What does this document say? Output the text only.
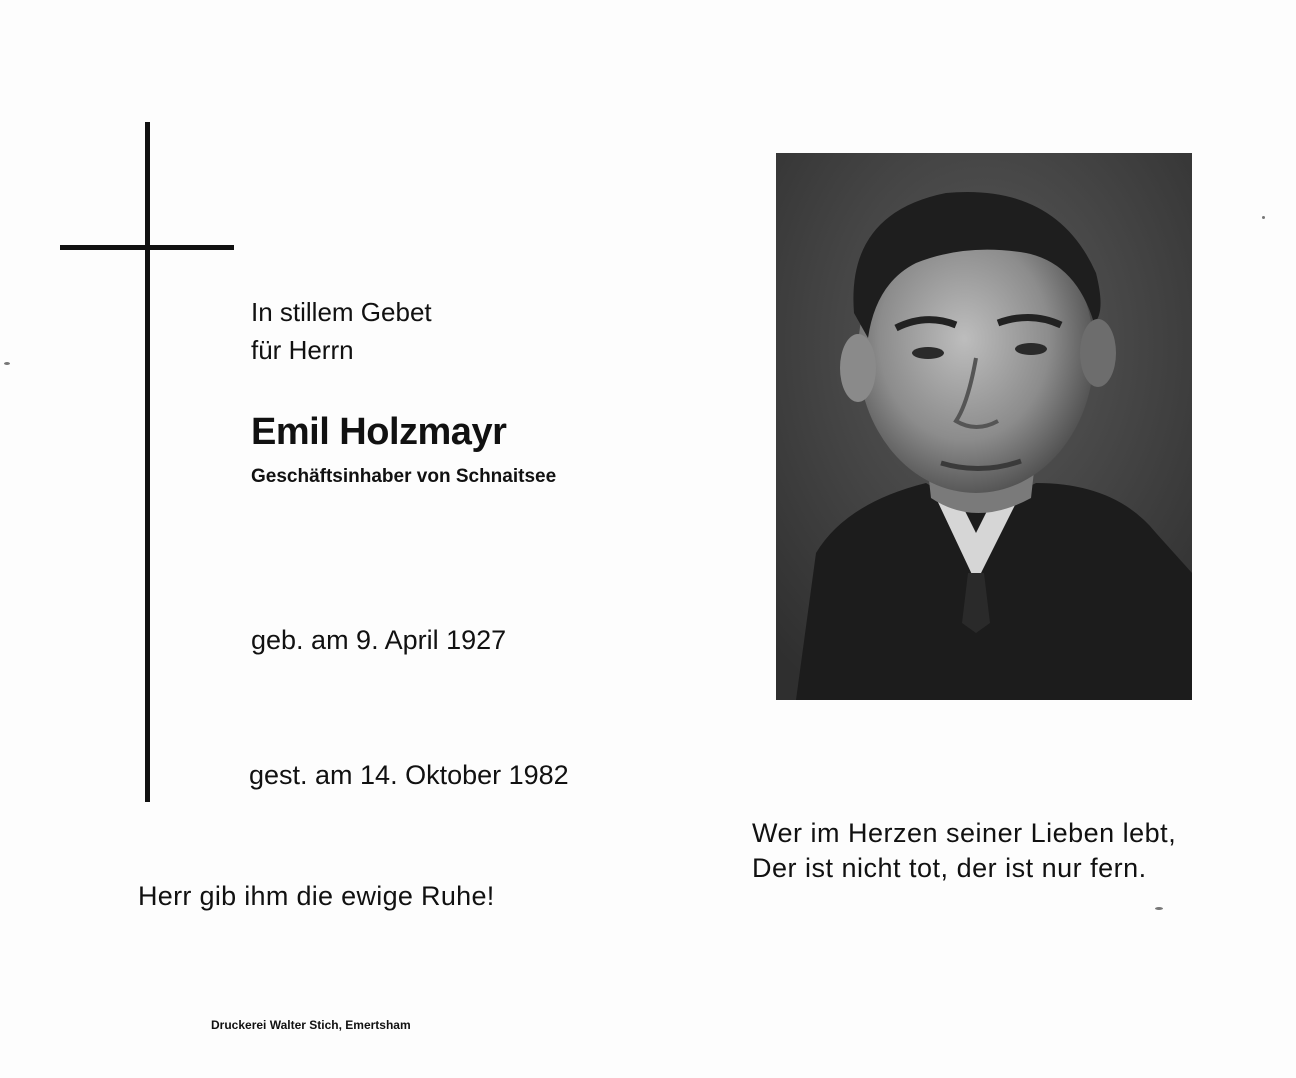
In stillem Gebet
für Herrn
Emil Holzmayr
Geschäftsinhaber von Schnaitsee
geb. am 9. April 1927
gest. am 14. Oktober 1982
Herr gib ihm die ewige Ruhe!
Wer im Herzen seiner Lieben lebt,
Der ist nicht tot, der ist nur fern.
Druckerei Walter Stich, Emertsham
